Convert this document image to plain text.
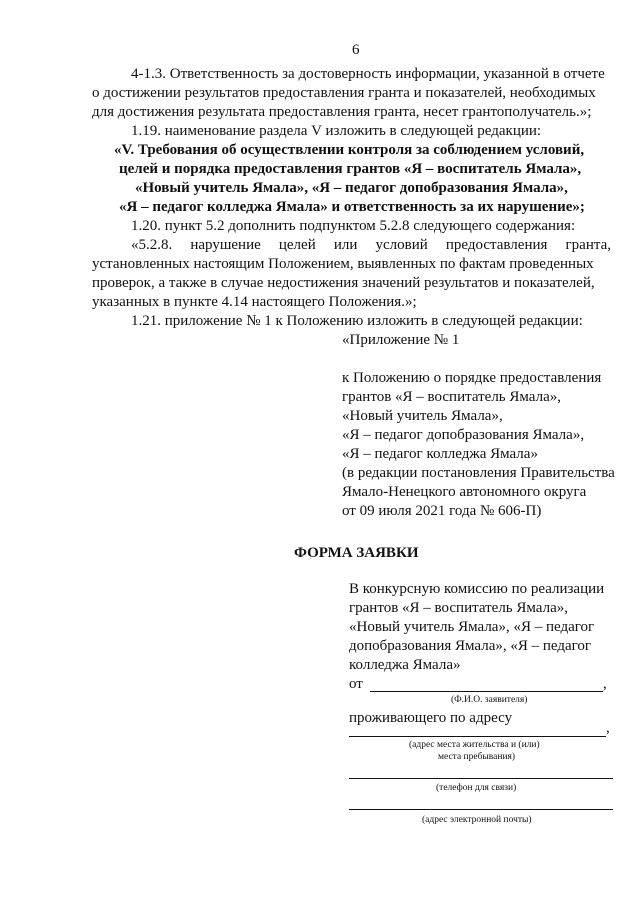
6
4-1.3. Ответственность за достоверность информации, указанной в отчете
о достижении результатов предоставления гранта и показателей, необходимых
для достижения результата предоставления гранта, несет грантополучатель.»;
1.19. наименование раздела V изложить в следующей редакции:
«V. Требования об осуществлении контроля за соблюдением условий,
целей и порядка предоставления грантов «Я – воспитатель Ямала»,
«Новый учитель Ямала», «Я – педагог допобразования Ямала»,
«Я – педагог колледжа Ямала» и ответственность за их нарушение»;
1.20. пункт 5.2 дополнить подпунктом 5.2.8 следующего содержания:
«5.2.8. нарушение целей или условий предоставления гранта,
установленных настоящим Положением, выявленных по фактам проведенных
проверок, а также в случае недостижения значений результатов и показателей,
указанных в пункте 4.14 настоящего Положения.»;
1.21. приложение № 1 к Положению изложить в следующей редакции:
«Приложение № 1
к Положению о порядке предоставления
грантов «Я – воспитатель Ямала»,
«Новый учитель Ямала»,
«Я – педагог допобразования Ямала»,
«Я – педагог колледжа Ямала»
(в редакции постановления Правительства
Ямало-Ненецкого автономного округа
от 09 июля 2021 года № 606-П)
ФОРМА ЗАЯВКИ
В конкурсную комиссию по реализации
грантов «Я – воспитатель Ямала»,
«Новый учитель Ямала», «Я – педагог
допобразования Ямала», «Я – педагог
колледжа Ямала»
от	,
(Ф.И.О. заявителя)
проживающего по адресу
,
(адрес места жительства и (или)
места пребывания)
(телефон для связи)
(адрес электронной почты)
